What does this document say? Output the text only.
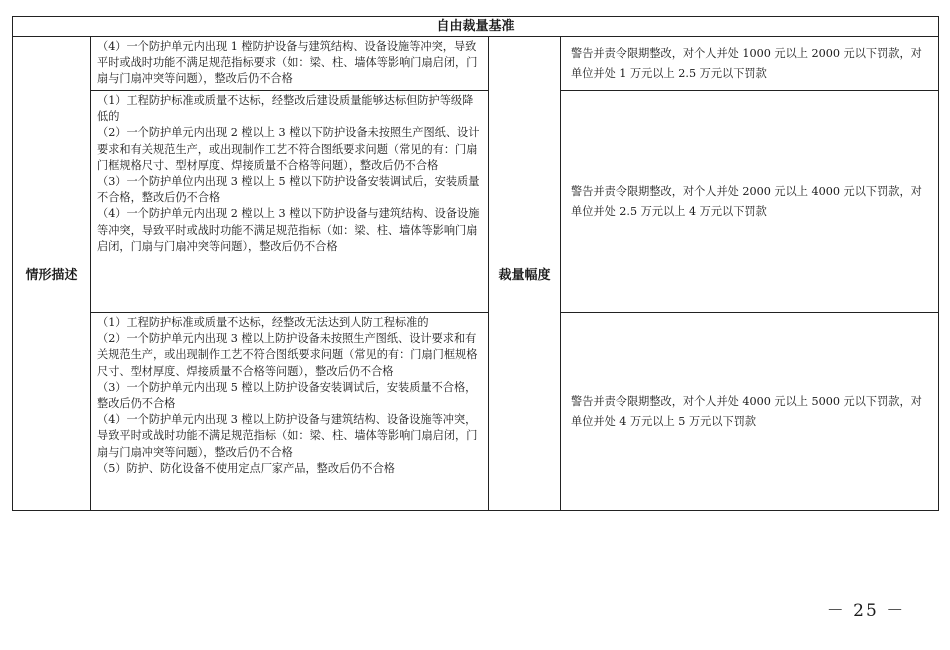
自由裁量基准			
情形描述	（4）一个防护单元内出现 1 樘防护设备与建筑结构、设备设施等冲突，导致平时或战时功能不满足规范指标要求（如：梁、柱、墙体等影响门扇启闭，门扇与门扇冲突等问题），整改后仍不合格	裁量幅度	警告并责令限期整改，对个人并处 1000 元以上 2000 元以下罚款，对单位并处 1 万元以上 2.5 万元以下罚款

	（1）工程防护标准或质量不达标，经整改后建设质量能够达标但防护等级降低的
（2）一个防护单元内出现 2 樘以上 3 樘以下防护设备未按照生产图纸、设计要求和有关规范生产，或出现制作工艺不符合图纸要求问题（常见的有：门扇门框规格尺寸、型材厚度、焊接质量不合格等问题），整改后仍不合格
（3）一个防护单位内出现 3 樘以上 5 樘以下防护设备安装调试后，安装质量不合格，整改后仍不合格
（4）一个防护单元内出现 2 樘以上 3 樘以下防护设备与建筑结构、设备设施等冲突，导致平时或战时功能不满足规范指标（如：梁、柱、墙体等影响门扇启闭，门扇与门扇冲突等问题），整改后仍不合格		警告并责令限期整改，对个人并处 2000 元以上 4000 元以下罚款，对单位并处 2.5 万元以上 4 万元以下罚款

	（1）工程防护标准或质量不达标，经整改无法达到人防工程标准的
（2）一个防护单元内出现 3 樘以上防护设备未按照生产图纸、设计要求和有关规范生产，或出现制作工艺不符合图纸要求问题（常见的有：门扇门框规格尺寸、型材厚度、焊接质量不合格等问题），整改后仍不合格
（3）一个防护单元内出现 5 樘以上防护设备安装调试后，安装质量不合格，整改后仍不合格
（4）一个防护单元内出现 3 樘以上防护设备与建筑结构、设备设施等冲突，导致平时或战时功能不满足规范指标（如：梁、柱、墙体等影响门扇启闭，门扇与门扇冲突等问题），整改后仍不合格
（5）防护、防化设备不使用定点厂家产品，整改后仍不合格		警告并责令限期整改，对个人并处 4000 元以上 5000 元以下罚款，对单位并处 4 万元以上 5 万元以下罚款
－ 25 －
